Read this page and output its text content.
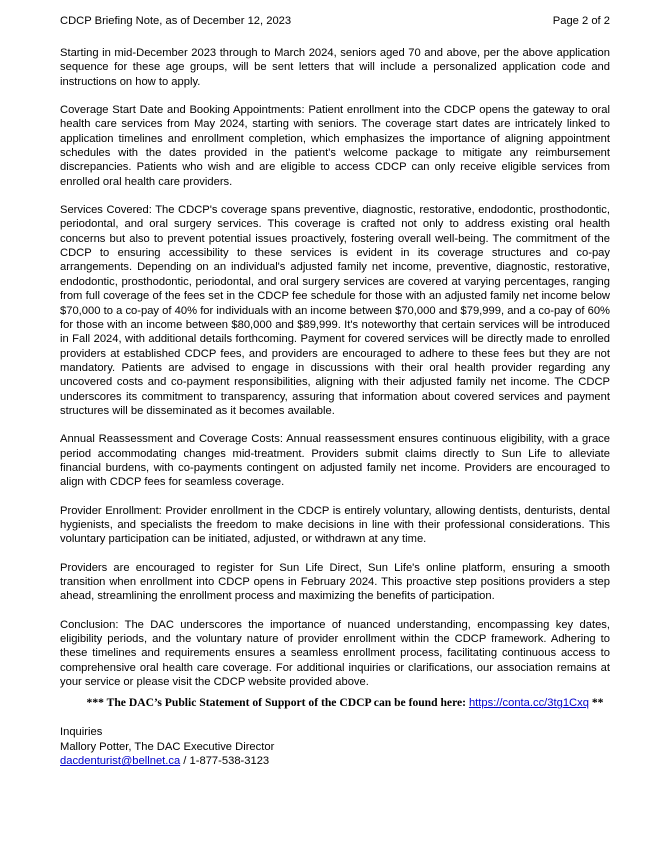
CDCP Briefing Note, as of December 12, 2023	Page 2 of 2

Starting in mid-December 2023 through to March 2024, seniors aged 70 and above, per the above application sequence for these age groups, will be sent letters that will include a personalized application code and instructions on how to apply.

Coverage Start Date and Booking Appointments: Patient enrollment into the CDCP opens the gateway to oral health care services from May 2024, starting with seniors. The coverage start dates are intricately linked to application timelines and enrollment completion, which emphasizes the importance of aligning appointment schedules with the dates provided in the patient's welcome package to mitigate any reimbursement discrepancies. Patients who wish and are eligible to access CDCP can only receive eligible services from enrolled oral health care providers.

Services Covered: The CDCP's coverage spans preventive, diagnostic, restorative, endodontic, prosthodontic, periodontal, and oral surgery services. This coverage is crafted not only to address existing oral health concerns but also to prevent potential issues proactively, fostering overall well-being. The commitment of the CDCP to ensuring accessibility to these services is evident in its coverage structures and co-pay arrangements. Depending on an individual's adjusted family net income, preventive, diagnostic, restorative, endodontic, prosthodontic, periodontal, and oral surgery services are covered at varying percentages, ranging from full coverage of the fees set in the CDCP fee schedule for those with an adjusted family net income below $70,000 to a co-pay of 40% for individuals with an income between $70,000 and $79,999, and a co-pay of 60% for those with an income between $80,000 and $89,999. It's noteworthy that certain services will be introduced in Fall 2024, with additional details forthcoming. Payment for covered services will be directly made to enrolled providers at established CDCP fees, and providers are encouraged to adhere to these fees but they are not mandatory. Patients are advised to engage in discussions with their oral health provider regarding any uncovered costs and co-payment responsibilities, aligning with their adjusted family net income. The CDCP underscores its commitment to transparency, assuring that information about covered services and payment structures will be disseminated as it becomes available.

Annual Reassessment and Coverage Costs: Annual reassessment ensures continuous eligibility, with a grace period accommodating changes mid-treatment. Providers submit claims directly to Sun Life to alleviate financial burdens, with co-payments contingent on adjusted family net income. Providers are encouraged to align with CDCP fees for seamless coverage.

Provider Enrollment: Provider enrollment in the CDCP is entirely voluntary, allowing dentists, denturists, dental hygienists, and specialists the freedom to make decisions in line with their professional considerations. This voluntary participation can be initiated, adjusted, or withdrawn at any time.

Providers are encouraged to register for Sun Life Direct, Sun Life's online platform, ensuring a smooth transition when enrollment into CDCP opens in February 2024. This proactive step positions providers a step ahead, streamlining the enrollment process and maximizing the benefits of participation.

Conclusion: The DAC underscores the importance of nuanced understanding, encompassing key dates, eligibility periods, and the voluntary nature of provider enrollment within the CDCP framework. Adhering to these timelines and requirements ensures a seamless enrollment process, facilitating continuous access to comprehensive oral health care coverage. For additional inquiries or clarifications, our association remains at your service or please visit the CDCP website provided above.

*** The DAC’s Public Statement of Support of the CDCP can be found here: https://conta.cc/3tg1Cxq **
Inquiries
Mallory Potter, The DAC Executive Director
dacdenturist@bellnet.ca / 1-877-538-3123
